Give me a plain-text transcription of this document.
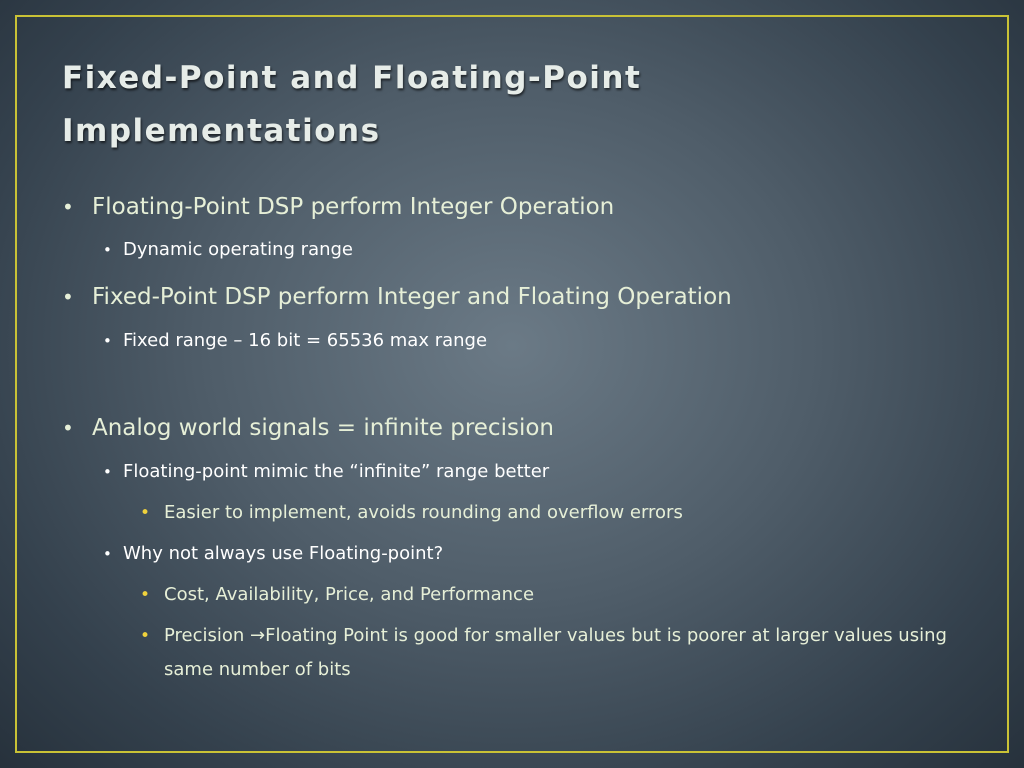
Fixed-Point and Floating-Point Implementations
• Floating-Point DSP perform Integer Operation
• Dynamic operating range
• Fixed-Point DSP perform Integer and Floating Operation
• Fixed range – 16 bit = 65536 max range
• Analog world signals = infinite precision
• Floating-point mimic the “infinite” range better
• Easier to implement, avoids rounding and overflow errors
• Why not always use Floating-point?
• Cost, Availability, Price, and Performance
• Precision →Floating Point is good for smaller values but is poorer at larger values using same number of bits
